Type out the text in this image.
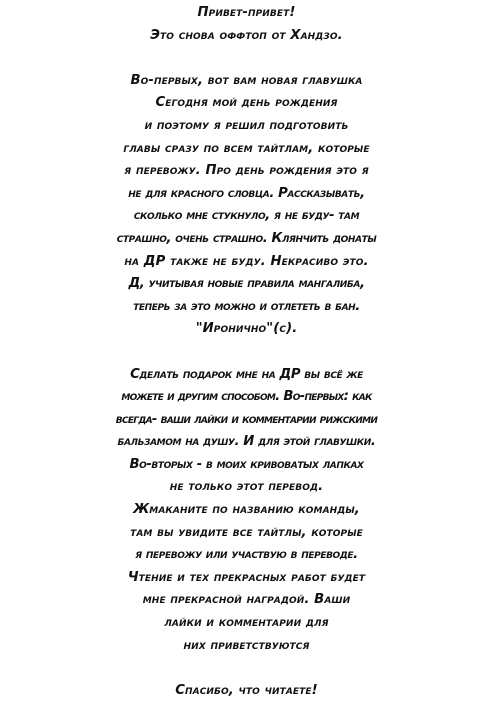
Привет-привет!
Это снова оффтоп от Хандзо.
Во-первых, вот вам новая главушка
Сегодня мой день рождения
и поэтому я решил подготовить
главы сразу по всем тайтлам, которые
я перевожу. Про день рождения это я
не для красного словца. Рассказывать,
сколько мне стукнуло, я не буду- там
страшно, очень страшно. Клянчить донаты
на ДР также не буду. Некрасиво это.
Д, учитывая новые правила мангалиба,
теперь за это можно и отлететь в бан.
"Иронично"(с).
Сделать подарок мне на ДР вы всё же
можете и другим способом. Во-первых: как
всегда- ваши лайки и комментарии рижскими
бальзамом на душу. И для этой главушки.
Во-вторых - в моих кривоватых лапках
не только этот перевод.
Жмаканите по названию команды,
там вы увидите все тайтлы, которые
я перевожу или участвую в переводе.
Чтение и тех прекрасных работ будет
мне прекрасной наградой. Ваши
лайки и комментарии для
них приветствуются
Спасибо, что читаете!
